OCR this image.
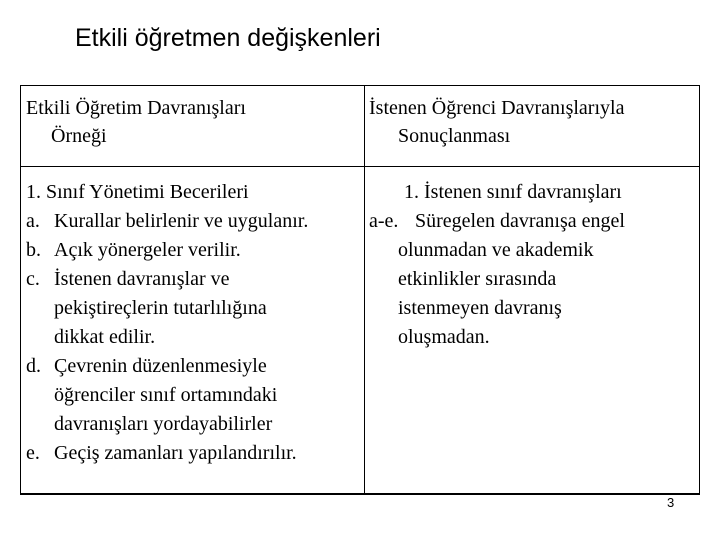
Etkili öğretmen değişkenleri
Etkili Öğretim Davranışları
Örneği
İstenen Öğrenci Davranışlarıyla
Sonuçlanması
1. Sınıf Yönetimi Becerileri
a. Kurallar belirlenir ve uygulanır.
b. Açık yönergeler verilir.
c. İstenen davranışlar ve
pekiştireçlerin tutarlılığına
dikkat edilir.
d. Çevrenin düzenlenmesiyle
öğrenciler sınıf ortamındaki
davranışları yordayabilirler
e. Geçiş zamanları yapılandırılır.
1. İstenen sınıf davranışları
a-e. Süregelen davranışa engel
olunmadan ve akademik
etkinlikler sırasında
istenmeyen davranış
oluşmadan.
3
